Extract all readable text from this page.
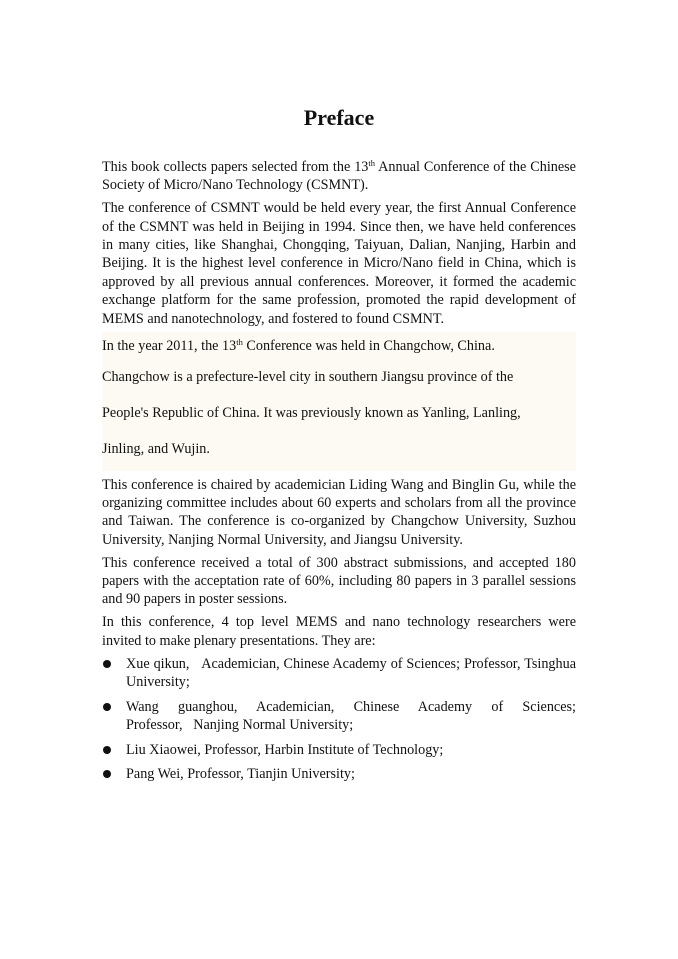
Preface

This book collects papers selected from the 13th Annual Conference of the Chinese Society of Micro/Nano Technology (CSMNT).

The conference of CSMNT would be held every year, the first Annual Conference of the CSMNT was held in Beijing in 1994. Since then, we have held conferences in many cities, like Shanghai, Chongqing, Taiyuan, Dalian, Nanjing, Harbin and Beijing. It is the highest level conference in Micro/Nano field in China, which is approved by all previous annual conferences. Moreover, it formed the academic exchange platform for the same profession, promoted the rapid development of MEMS and nanotechnology, and fostered to found CSMNT.

In the year 2011, the 13th Conference was held in Changchow, China.

Changchow is a prefecture-level city in southern Jiangsu province of the

People's Republic of China. It was previously known as Yanling, Lanling,

Jinling, and Wujin.

This conference is chaired by academician Liding Wang and Binglin Gu, while the organizing committee includes about 60 experts and scholars from all the province and Taiwan. The conference is co-organized by Changchow University, Suzhou University, Nanjing Normal University, and Jiangsu University.

This conference received a total of 300 abstract submissions, and accepted 180 papers with the acceptation rate of 60%, including 80 papers in 3 parallel sessions and 90 papers in poster sessions.

In this conference, 4 top level MEMS and nano technology researchers were invited to make plenary presentations. They are:

Xue qikun,   Academician, Chinese Academy of Sciences; Professor, Tsinghua University;
Wang guanghou, Academician, Chinese Academy of Sciences; Professor,   Nanjing Normal University;
Liu Xiaowei, Professor, Harbin Institute of Technology;
Pang Wei, Professor, Tianjin University;
